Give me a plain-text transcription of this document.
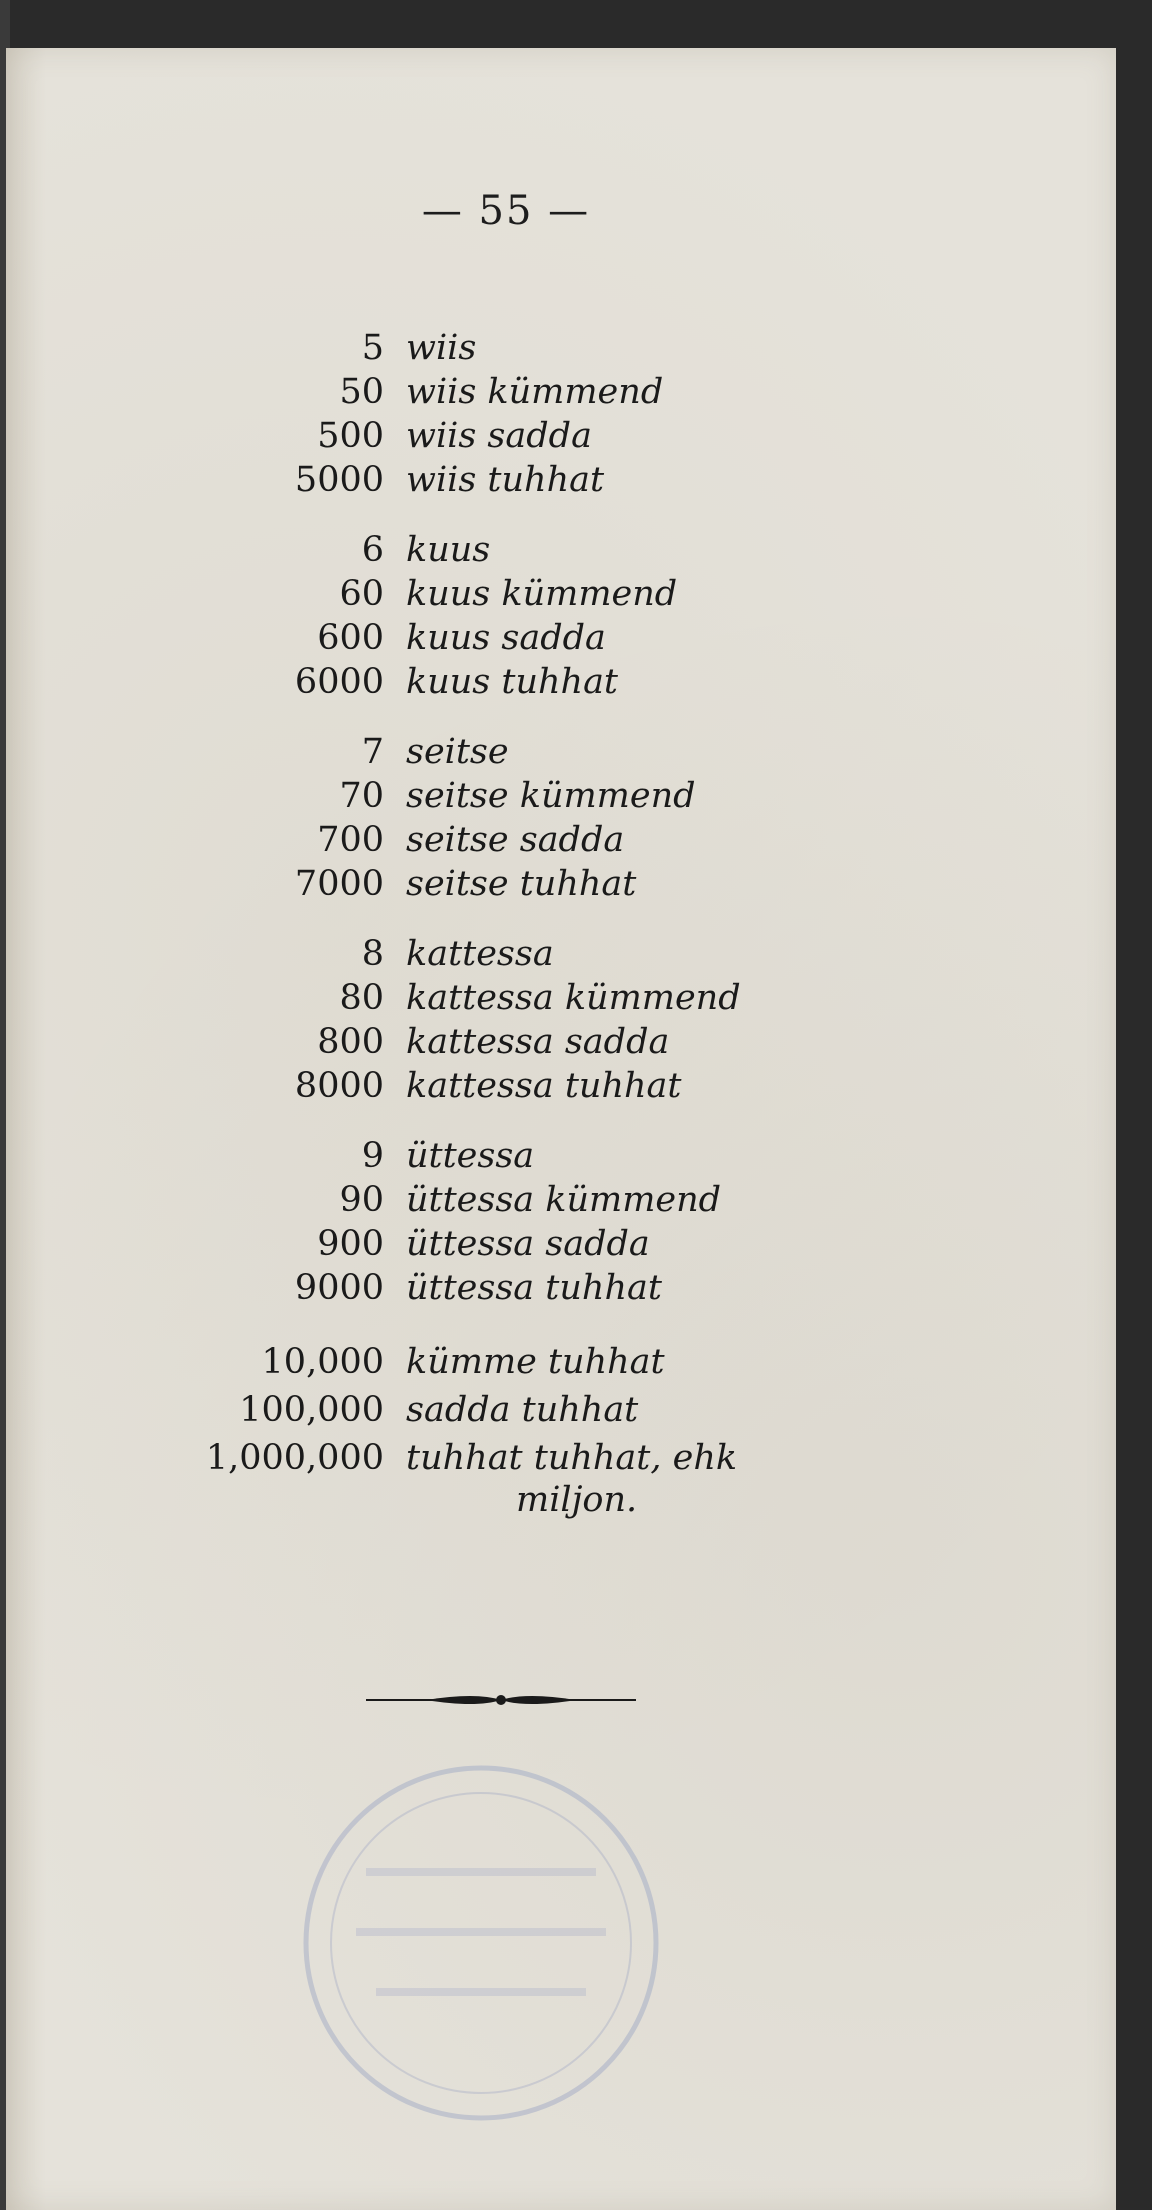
— 55 —
5 wiis
50 wiis kümmend
500 wiis sadda
5000 wiis tuhhat
6 kuus
60 kuus kümmend
600 kuus sadda
6000 kuus tuhhat
7 seitse
70 seitse kümmend
700 seitse sadda
7000 seitse tuhhat
8 kattessa
80 kattessa kümmend
800 kattessa sadda
8000 kattessa tuhhat
9 üttessa
90 üttessa kümmend
900 üttessa sadda
9000 üttessa tuhhat
10,000 kümme tuhhat
100,000 sadda tuhhat
1,000,000 tuhhat tuhhat, ehk
miljon.
